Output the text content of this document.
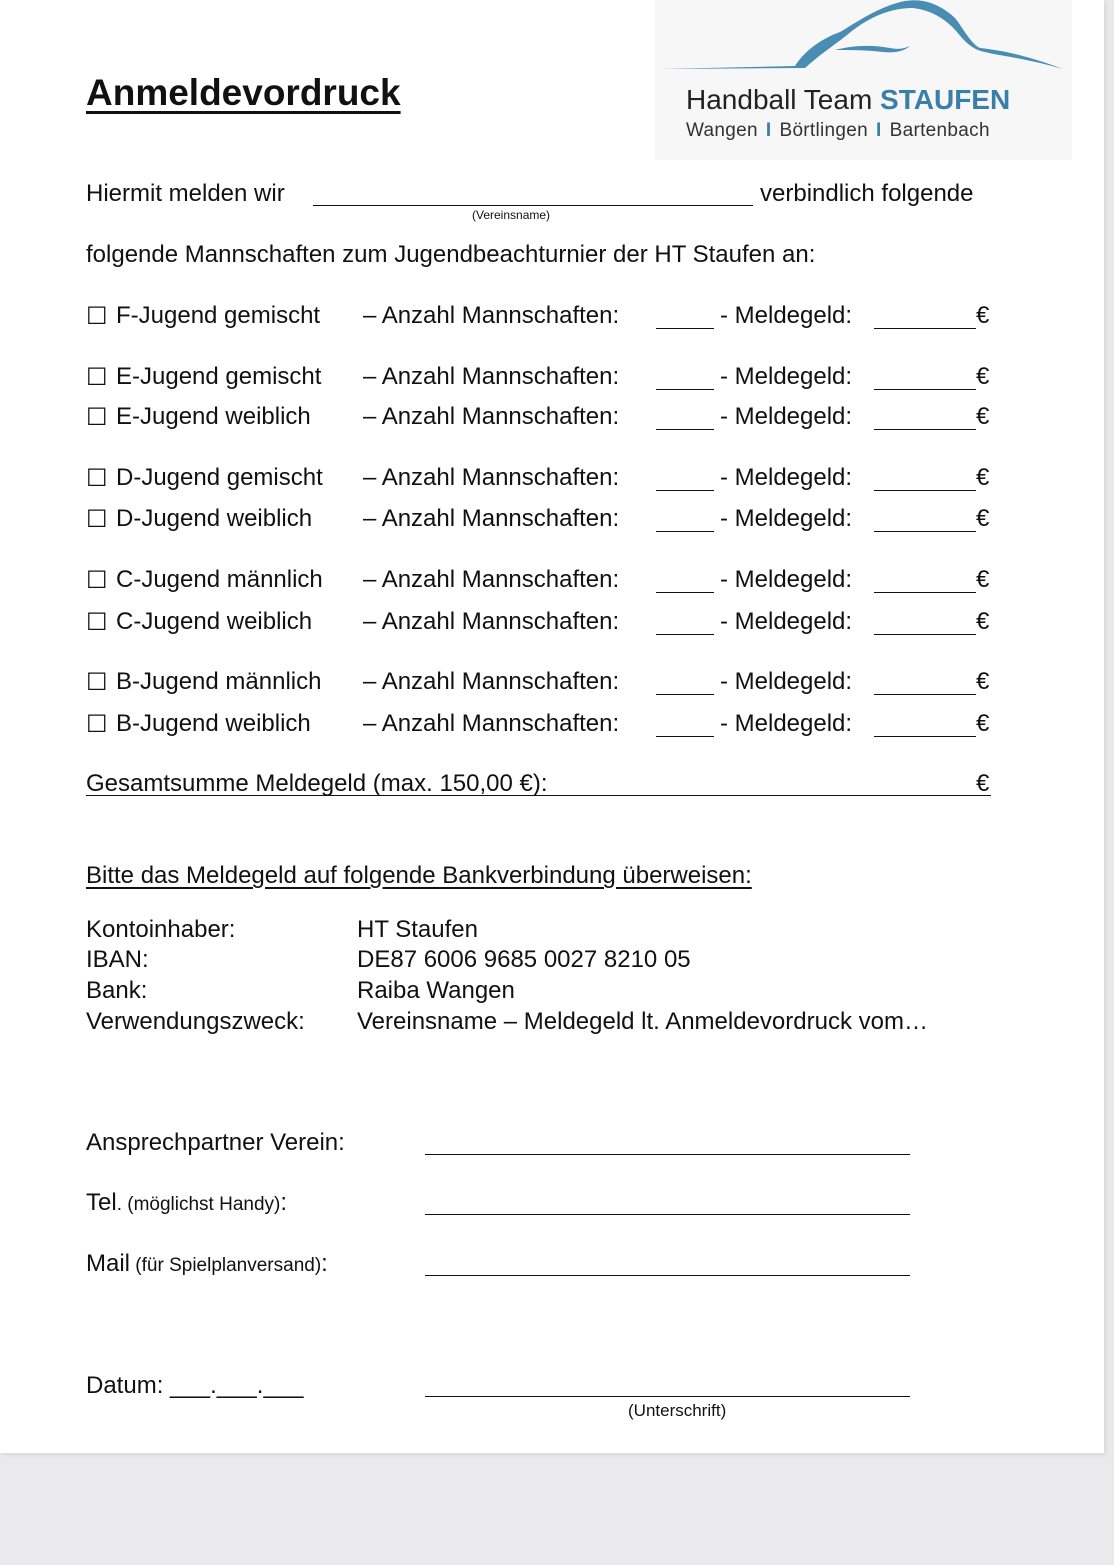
Anmeldevordruck	Handball Team STAUFEN
Wangen I Börtlingen I Bartenbach
Hiermit melden wir	verbindlich folgende
(Vereinsname)
folgende Mannschaften zum Jugendbeachturnier der HT Staufen an:
☐ F-Jugend gemischt – Anzahl Mannschaften:	- Meldegeld:	€
☐ E-Jugend gemischt – Anzahl Mannschaften:	- Meldegeld:	€
☐ E-Jugend weiblich – Anzahl Mannschaften:	- Meldegeld:	€
☐ D-Jugend gemischt – Anzahl Mannschaften:	- Meldegeld:	€
☐ D-Jugend weiblich – Anzahl Mannschaften:	- Meldegeld:	€
☐ C-Jugend männlich – Anzahl Mannschaften:	- Meldegeld:	€
☐ C-Jugend weiblich – Anzahl Mannschaften:	- Meldegeld:	€
☐ B-Jugend männlich – Anzahl Mannschaften:	- Meldegeld:	€
☐ B-Jugend weiblich – Anzahl Mannschaften:	- Meldegeld:	€
Gesamtsumme Meldegeld (max. 150,00 €):	€
Bitte das Meldegeld auf folgende Bankverbindung überweisen:
Kontoinhaber:	HT Staufen
IBAN:	DE87 6006 9685 0027 8210 05
Bank:	Raiba Wangen
Verwendungszweck: Vereinsname – Meldegeld lt. Anmeldevordruck vom…
Ansprechpartner Verein:
Tel. (möglichst Handy):
Mail (für Spielplanversand):
Datum: ___.___.___
(Unterschrift)
